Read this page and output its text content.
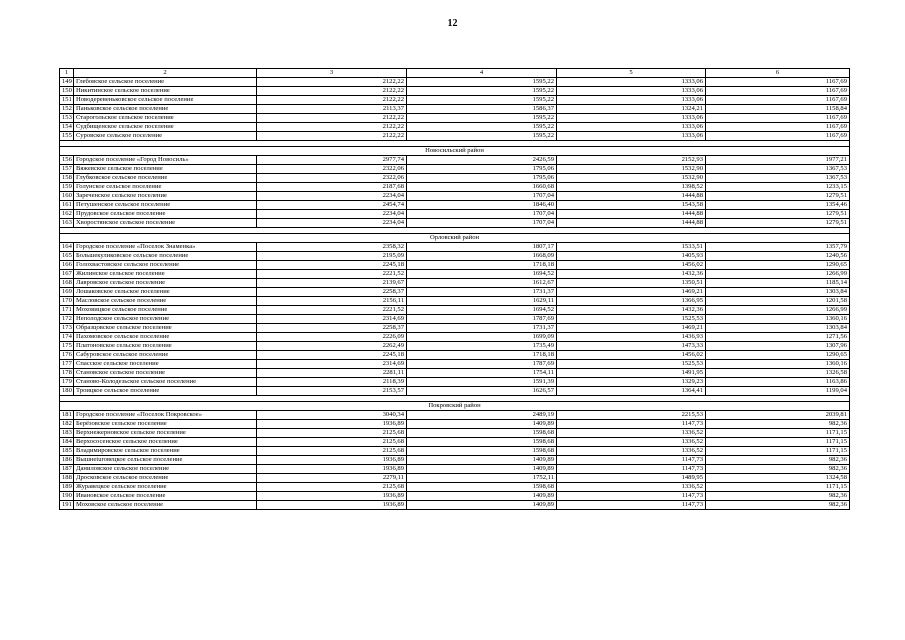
12
1	2	3	4	5	6
149	Глебовское сельское поселение	2122,22	1595,22	1333,06	1167,69
150	Никитинское сельское поселение	2122,22	1595,22	1333,06	1167,69
151	Новодеревеньковское сельское поселение	2122,22	1595,22	1333,06	1167,69
152	Паньковское сельское поселение	2113,37	1586,37	1324,21	1158,84
153	Старогольское сельское поселение	2122,22	1595,22	1333,06	1167,69
154	Судбищенское сельское поселение	2122,22	1595,22	1333,06	1167,69
155	Суровское сельское поселение	2122,22	1595,22	1333,06	1167,69

Новосильский район					
156	Городское поселение «Город Новосиль»	2977,74	2426,59	2152,93	1977,21
157	Вяжевское сельское поселение	2322,06	1795,06	1532,90	1367,53
158	Глубковское сельское поселение	2322,06	1795,06	1532,90	1367,53
159	Голунское сельское поселение	2187,68	1660,68	1398,52	1233,15
160	Зареченское сельское поселение	2234,04	1707,04	1444,88	1279,51
161	Петушенское сельское поселение	2454,74	1846,40	1543,58	1354,46
162	Прудовское сельское поселение	2234,04	1707,04	1444,88	1279,51
163	Хворостянское сельское поселение	2234,04	1707,04	1444,88	1279,51

Орловский район					
164	Городское поселение «Поселок Знаменка»	2358,32	1807,17	1533,51	1357,79
165	Большекуликовское сельское поселение	2195,09	1668,09	1405,93	1240,56
166	Голохвастовское сельское поселение	2245,18	1718,18	1456,02	1290,65
167	Жилинское сельское поселение	2221,52	1694,52	1432,36	1266,99
168	Лавровское сельское поселение	2139,67	1612,67	1350,51	1185,14
169	Лошаковское сельское поселение	2258,37	1731,37	1469,21	1303,84
170	Масловское сельское поселение	2156,11	1629,11	1366,95	1201,58
171	Моховицкое сельское поселение	2221,52	1694,52	1432,36	1266,99
172	Неполодское сельское поселение	2314,69	1787,69	1525,53	1360,16
173	Образцовское сельское поселение	2258,37	1731,37	1469,21	1303,84
174	Пахомовское сельское поселение	2226,09	1699,09	1436,93	1271,56
175	Платоновское сельское поселение	2262,49	1735,49	1473,33	1307,96
176	Сабуровское сельское поселение	2245,18	1718,18	1456,02	1290,65
177	Спасское сельское поселение	2314,69	1787,69	1525,53	1360,16
178	Становское сельское поселение	2281,11	1754,11	1491,95	1326,58
179	Станово-Колодезьское сельское поселение	2118,39	1591,39	1329,23	1163,86
180	Троицкое сельское поселение	2153,57	1626,57	1364,41	1199,04

Покровский район					
181	Городское поселение «Поселок Покровское»	3040,34	2489,19	2215,53	2039,81
182	Берёзовское сельское поселение	1936,89	1409,89	1147,73	982,36
183	Верхнежерновское сельское поселение	2125,68	1598,68	1336,52	1171,15
184	Верхососенское сельское поселение	2125,68	1598,68	1336,52	1171,15
185	Владимировское сельское поселение	2125,68	1598,68	1336,52	1171,15
186	Вышнеturoвецкое сельское поселение	1936,89	1409,89	1147,73	982,36
187	Даниловское сельское поселение	1936,89	1409,89	1147,73	982,36
188	Дросковское сельское поселение	2279,11	1752,11	1489,95	1324,58
189	Журавецкое сельское поселение	2125,68	1598,68	1336,52	1171,15
190	Ивановское сельское поселение	1936,89	1409,89	1147,73	982,36
191	Моховское сельское поселение	1936,89	1409,89	1147,73	982,36
